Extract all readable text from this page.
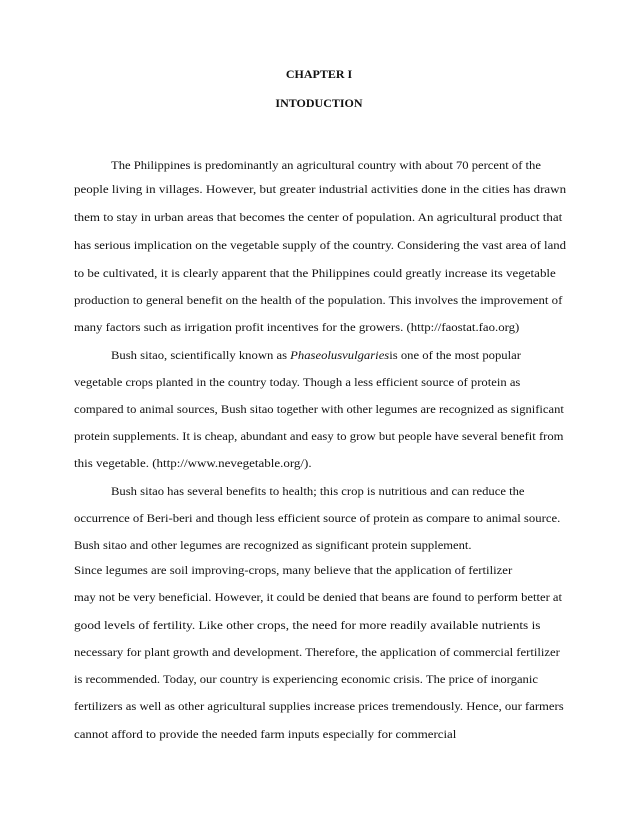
CHAPTER I
INTODUCTION
The Philippines is predominantly an agricultural country with about 70 percent of the
people living in villages. However, but greater industrial activities done in the cities has drawn
them to stay in urban areas that becomes the center of population. An agricultural product that
has serious implication on the vegetable supply of the country. Considering the vast area of land
to be cultivated, it is clearly apparent that the Philippines could greatly increase its vegetable
production to general benefit on the health of the population. This involves the improvement of
many factors such as irrigation profit incentives for the growers. (http://faostat.fao.org)
Bush sitao, scientifically known as Phaseolusvulgariesis one of the most popular
vegetable crops planted in the country today. Though a less efficient source of protein as
compared to animal sources, Bush sitao together with other legumes are recognized as significant
protein supplements. It is cheap, abundant and easy to grow but people have several benefit from
this vegetable. (http://www.nevegetable.org/).
Bush sitao has several benefits to health; this crop is nutritious and can reduce the
occurrence of Beri-beri and though less efficient source of protein as compare to animal source.
Bush sitao and other legumes are recognized as significant protein supplement.
Since legumes are soil improving-crops, many believe that the application of fertilizer
may not be very beneficial. However, it could be denied that beans are found to perform better at
good levels of fertility. Like other crops, the need for more readily available nutrients is
necessary for plant growth and development. Therefore, the application of commercial fertilizer
is recommended. Today, our country is experiencing economic crisis. The price of inorganic
fertilizers as well as other agricultural supplies increase prices tremendously. Hence, our farmers
cannot afford to provide the needed farm inputs especially for commercial
